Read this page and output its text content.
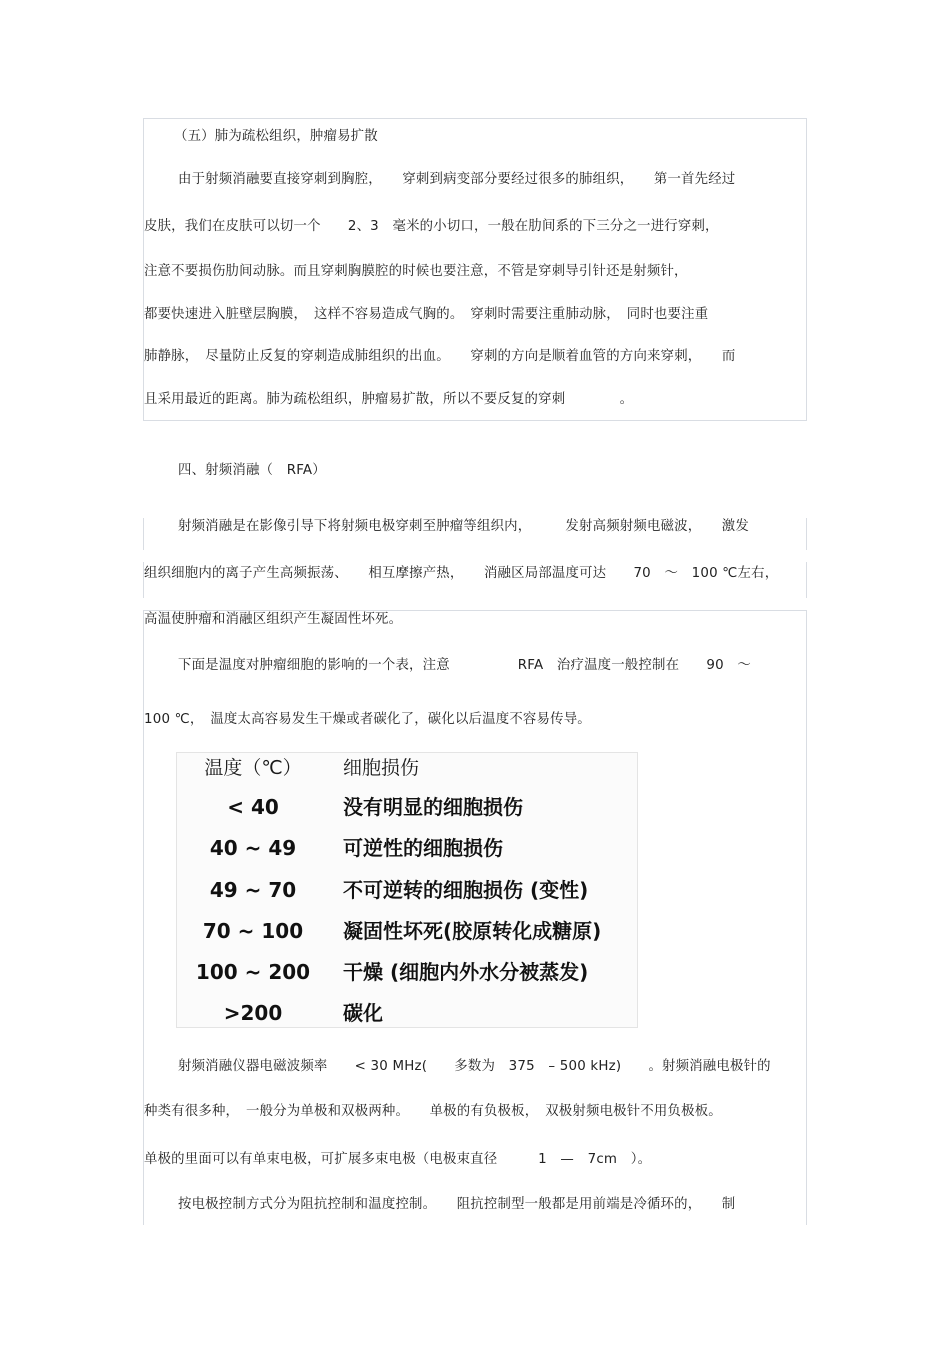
（五）肺为疏松组织，肿瘤易扩散
由于射频消融要直接穿刺到胸腔，　　穿刺到病变部分要经过很多的肺组织，　　第一首先经过
皮肤，我们在皮肤可以切一个　　2、3　毫米的小切口，一般在肋间系的下三分之一进行穿刺，
注意不要损伤肋间动脉。而且穿刺胸膜腔的时候也要注意，不管是穿刺导引针还是射频针，
都要快速进入脏壁层胸膜，　这样不容易造成气胸的。　穿刺时需要注重肺动脉，　同时也要注重
肺静脉，　尽量防止反复的穿刺造成肺组织的出血。　　穿刺的方向是顺着血管的方向来穿刺，　　而
且采用最近的距离。肺为疏松组织，肿瘤易扩散，所以不要反复的穿刺　　　　。
四、射频消融（　RFA）
射频消融是在影像引导下将射频电极穿刺至肿瘤等组织内，　　　发射高频射频电磁波，　　激发
组织细胞内的离子产生高频振荡、　　相互摩擦产热，　　消融区局部温度可达　　70　～　100 ℃左右，
高温使肿瘤和消融区组织产生凝固性坏死。
下面是温度对肿瘤细胞的影响的一个表，注意　　　　　RFA　治疗温度一般控制在　　90　～
100 ℃，　温度太高容易发生干燥或者碳化了，碳化以后温度不容易传导。
温度（℃）	细胞损伤
< 40	没有明显的细胞损伤
40 ~ 49	可逆性的细胞损伤
49 ~ 70	不可逆转的细胞损伤 (变性)
70 ~ 100	凝固性坏死(胶原转化成糖原)
100 ~ 200 干燥 (细胞内外水分被蒸发)
>200	碳化
射频消融仪器电磁波频率　　< 30 MHz(　　多数为　375　– 500 kHz)　　。射频消融电极针的
种类有很多种，　一般分为单极和双极两种。　　单极的有负极板，　双极射频电极针不用负极板。
单极的里面可以有单束电极，可扩展多束电极（电极束直径　　　1　—　7cm　）。
按电极控制方式分为阻抗控制和温度控制。　　阻抗控制型一般都是用前端是冷循环的，　　制
